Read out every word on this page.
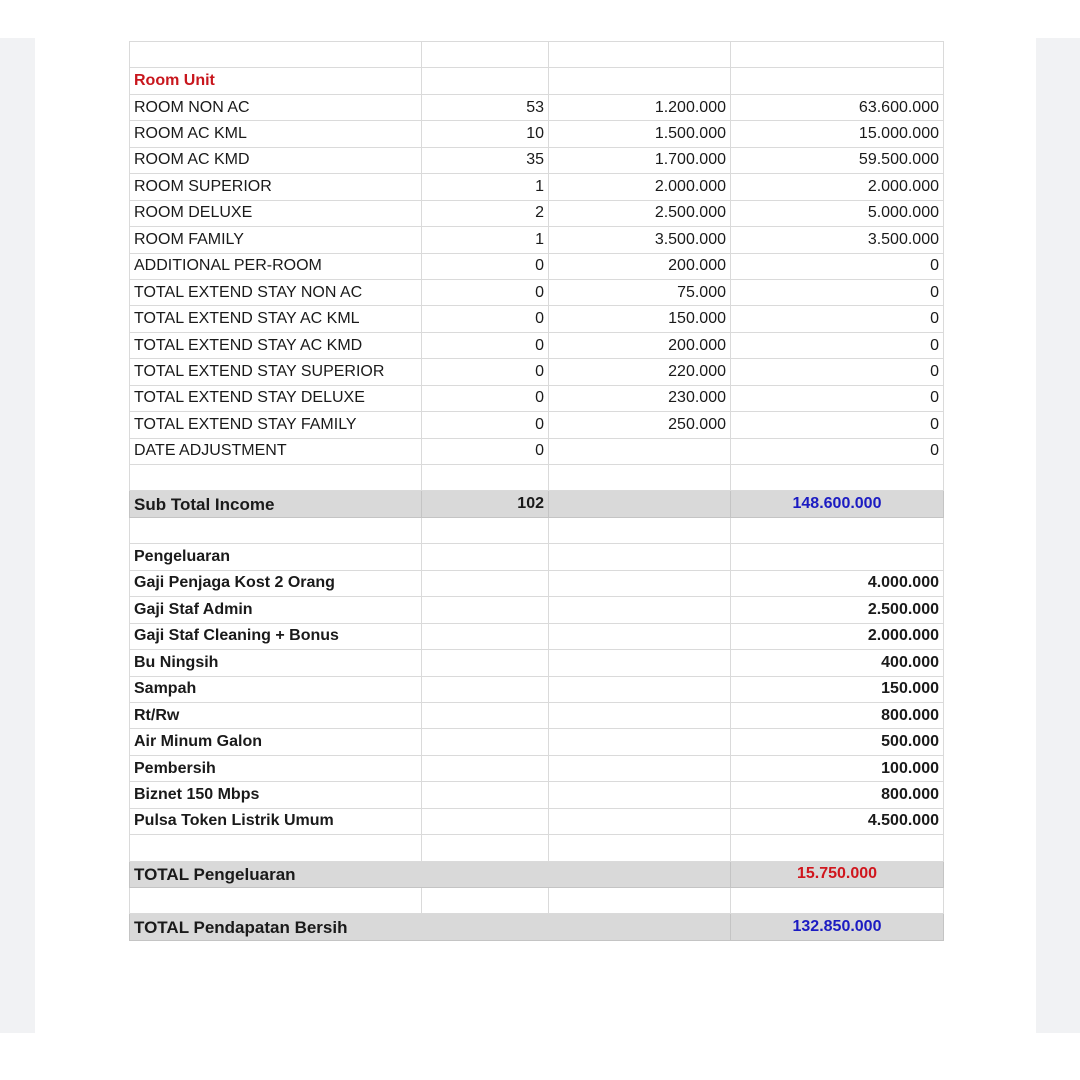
Room Unit			
ROOM NON AC	53	1.200.000	63.600.000
ROOM AC KML	10	1.500.000	15.000.000
ROOM AC KMD	35	1.700.000	59.500.000
ROOM SUPERIOR	1	2.000.000	2.000.000
ROOM DELUXE	2	2.500.000	5.000.000
ROOM FAMILY	1	3.500.000	3.500.000
ADDITIONAL PER-ROOM	0	200.000	0
TOTAL EXTEND STAY NON AC	0	75.000	0
TOTAL EXTEND STAY AC KML	0	150.000	0
TOTAL EXTEND STAY AC KMD	0	200.000	0
TOTAL EXTEND STAY SUPERIOR	0	220.000	0
TOTAL EXTEND STAY DELUXE	0	230.000	0
TOTAL EXTEND STAY FAMILY	0	250.000	0
DATE ADJUSTMENT	0		0

Sub Total Income	102		148.600.000

Pengeluaran			
Gaji Penjaga Kost 2 Orang			4.000.000
Gaji Staf Admin			2.500.000
Gaji Staf Cleaning + Bonus			2.000.000
Bu Ningsih			400.000
Sampah			150.000
Rt/Rw			800.000
Air Minum Galon			500.000
Pembersih			100.000
Biznet 150 Mbps			800.000
Pulsa Token Listrik Umum			4.500.000

TOTAL Pengeluaran			15.750.000

TOTAL Pendapatan Bersih			132.850.000
